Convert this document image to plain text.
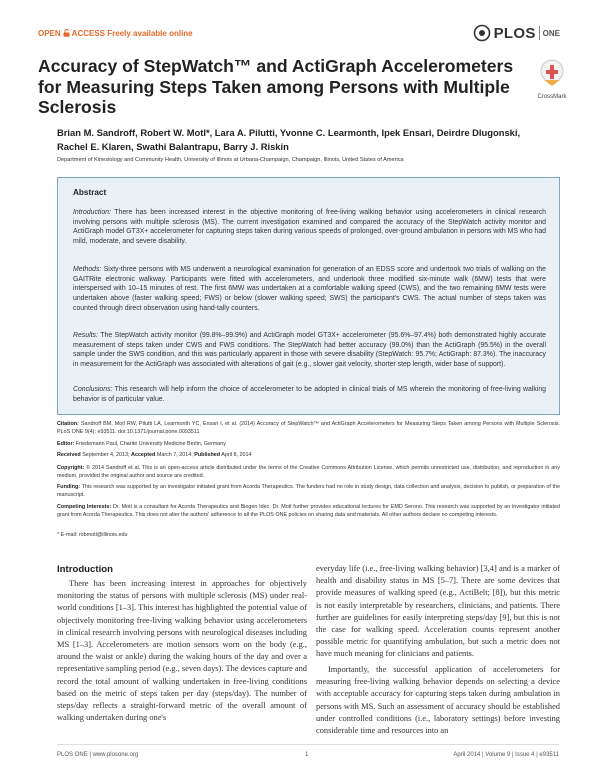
OPEN ACCESS Freely available online	PLOS ONE
Accuracy of StepWatch™ and ActiGraph Accelerometers for Measuring Steps Taken among Persons with Multiple Sclerosis	CrossMark
Brian M. Sandroff, Robert W. Motl*, Lara A. Pilutti, Yvonne C. Learmonth, Ipek Ensari, Deirdre Dlugonski,
Rachel E. Klaren, Swathi Balantrapu, Barry J. Riskin
Department of Kinesiology and Community Health, University of Illinois at Urbana-Champaign, Champaign, Illinois, United States of America
Abstract

Introduction: There has been increased interest in the objective monitoring of free-living walking behavior using accelerometers in clinical research involving persons with multiple sclerosis (MS). The current investigation examined and compared the accuracy of the StepWatch activity monitor and ActiGraph model GT3X+ accelerometer for capturing steps taken during various speeds of prolonged, over-ground ambulation in persons with MS who had mild, moderate, and severe disability.

Methods: Sixty-three persons with MS underwent a neurological examination for generation of an EDSS score and undertook two trials of walking on the GAITRite electronic walkway. Participants were fitted with accelerometers, and undertook three modified six-minute walk (6MW) tests that were interspersed with 10–15 minutes of rest. The first 6MW was undertaken at a comfortable walking speed (CWS), and the two remaining 6MW tests were undertaken above (faster walking speed; FWS) or below (slower walking speed; SWS) the participant's CWS. The actual number of steps taken was counted through direct observation using hand-tally counters.

Results: The StepWatch activity monitor (99.8%–99.9%) and ActiGraph model GT3X+ accelerometer (95.6%–97.4%) both demonstrated highly accurate measurement of steps taken under CWS and FWS conditions. The StepWatch had better accuracy (99.0%) than the ActiGraph (95.5%) in the overall sample under the SWS condition, and this was particularly apparent in those with severe disability (StepWatch: 95.7%; ActiGraph: 87.3%). The inaccuracy in measurement for the ActiGraph was associated with alterations of gait (e.g., slower gait velocity, shorter step length, wider base of support).

Conclusions: This research will help inform the choice of accelerometer to be adopted in clinical trials of MS wherein the monitoring of free-living walking behavior is of particular value.

Citation: Sandroff BM, Motl RW, Pilutti LA, Learmonth YC, Ensari I, et al. (2014) Accuracy of StepWatch™ and ActiGraph Accelerometers for Measuring Steps Taken among Persons with Multiple Sclerosis. PLoS ONE 9(4): e93511. doi:10.1371/journal.pone.0093511

Editor: Friedemann Paul, Charité University Medicine Berlin, Germany

Received September 4, 2013; Accepted March 7, 2014; Published April 8, 2014

Copyright: © 2014 Sandroff et al. This is an open-access article distributed under the terms of the Creative Commons Attribution License, which permits unrestricted use, distribution, and reproduction in any medium, provided the original author and source are credited.

Funding: This research was supported by an investigator initiated grant from Acorda Therapeutics. The funders had no role in study design, data collection and analysis, decision to publish, or preparation of the manuscript.

Competing Interests: Dr. Motl is a consultant for Acorda Therapeutics and Biogen Idec. Dr. Motl further provides educational lectures for EMD Serono. This research was supported by an investigator initiated grant from Acorda Therapeutics. This does not alter the authors' adherence to all the PLOS ONE policies on sharing data and materials. All other authors declare no competing interests.

* E-mail: robmotl@illinois.edu

Introduction

There has been increasing interest in approaches for objectively monitoring the status of persons with multiple sclerosis (MS) under real-world conditions [1–3]. This interest has highlighted the potential value of objectively monitoring free-living walking behavior using accelerometers in clinical research involving persons with neurological diseases including MS [1–3]. Accelerometers are motion sensors worn on the body (e.g., around the waist or ankle) during the waking hours of the day and over a representative sampling period (e.g., seven days). The devices capture and record the total amount of walking undertaken in free-living conditions based on the metric of steps taken per day (steps/day). The number of steps/day reflects a straight-forward metric of the overall amount of walking undertaken during one's

everyday life (i.e., free-living walking behavior) [3,4] and is a marker of health and disability status in MS [5–7]. There are some devices that provide measures of walking speed (e.g., ActiBelt; [8]), but this metric is not easily interpretable by researchers, clinicians, and patients. There further are guidelines for easily interpreting steps/day [9], but this is not the case for walking speed. Acceleration counts represent another possible metric for quantifying ambulation, but such a metric does not have much meaning for clinicians and patients.

Importantly, the successful application of accelerometers for measuring free-living walking behavior depends on selecting a device with acceptable accuracy for capturing steps taken during ambulation in persons with MS. Such an assessment of accuracy should be established under controlled conditions (i.e., laboratory settings) before investing considerable time and resources into an

PLOS ONE | www.plosone.org	1	April 2014 | Volume 9 | Issue 4 | e93511
